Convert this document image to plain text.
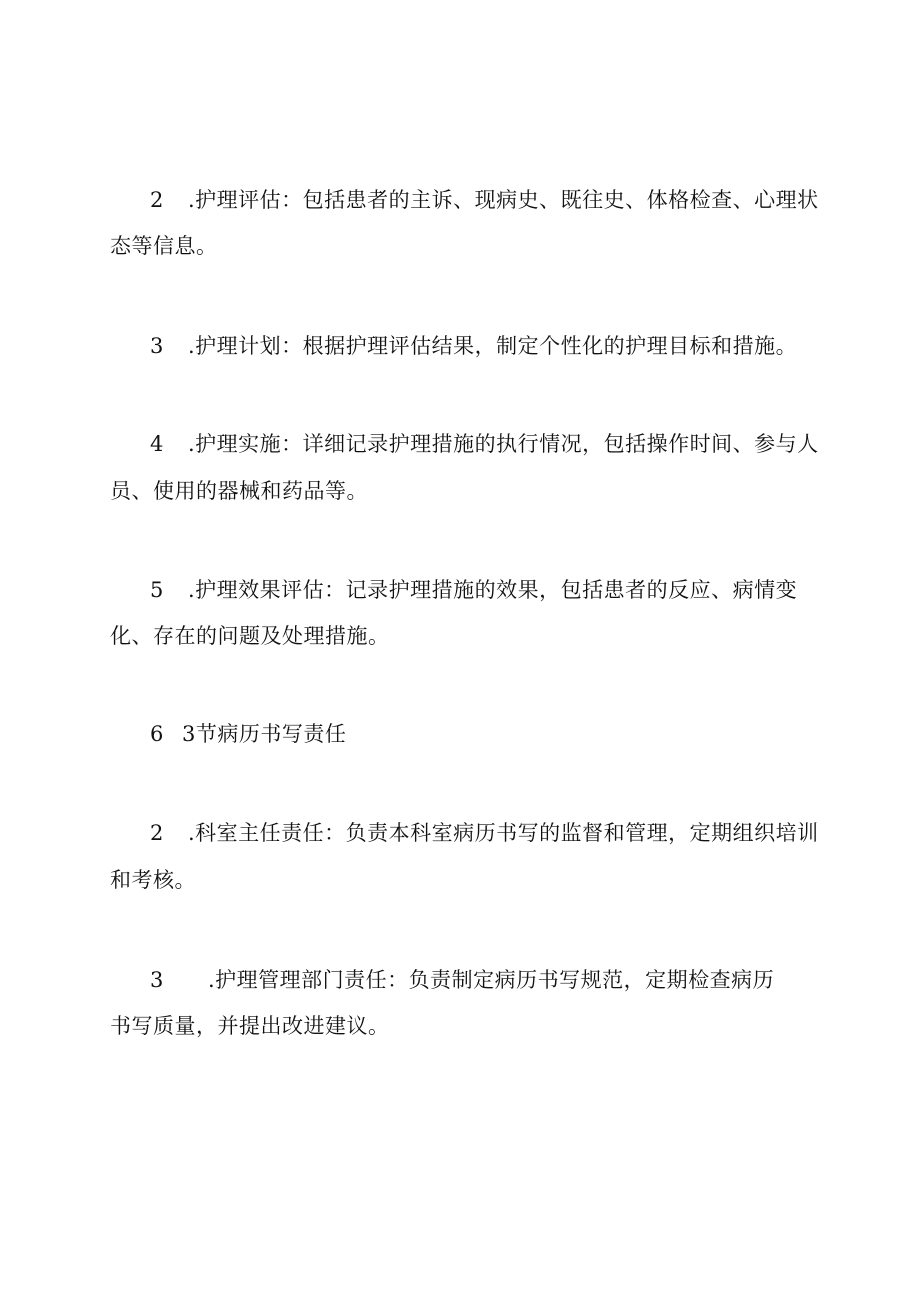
2 .护理评估：包括患者的主诉、现病史、既往史、体格检查、心理状
态等信息。
3 .护理计划：根据护理评估结果，制定个性化的护理目标和措施。
4 .护理实施：详细记录护理措施的执行情况，包括操作时间、参与人
员、使用的器械和药品等。
5 .护理效果评估：记录护理措施的效果，包括患者的反应、病情变
化、存在的问题及处理措施。
6 3节病历书写责任
2 .科室主任责任：负责本科室病历书写的监督和管理，定期组织培训
和考核。
3 .护理管理部门责任：负责制定病历书写规范，定期检查病历
书写质量，并提出改进建议。
